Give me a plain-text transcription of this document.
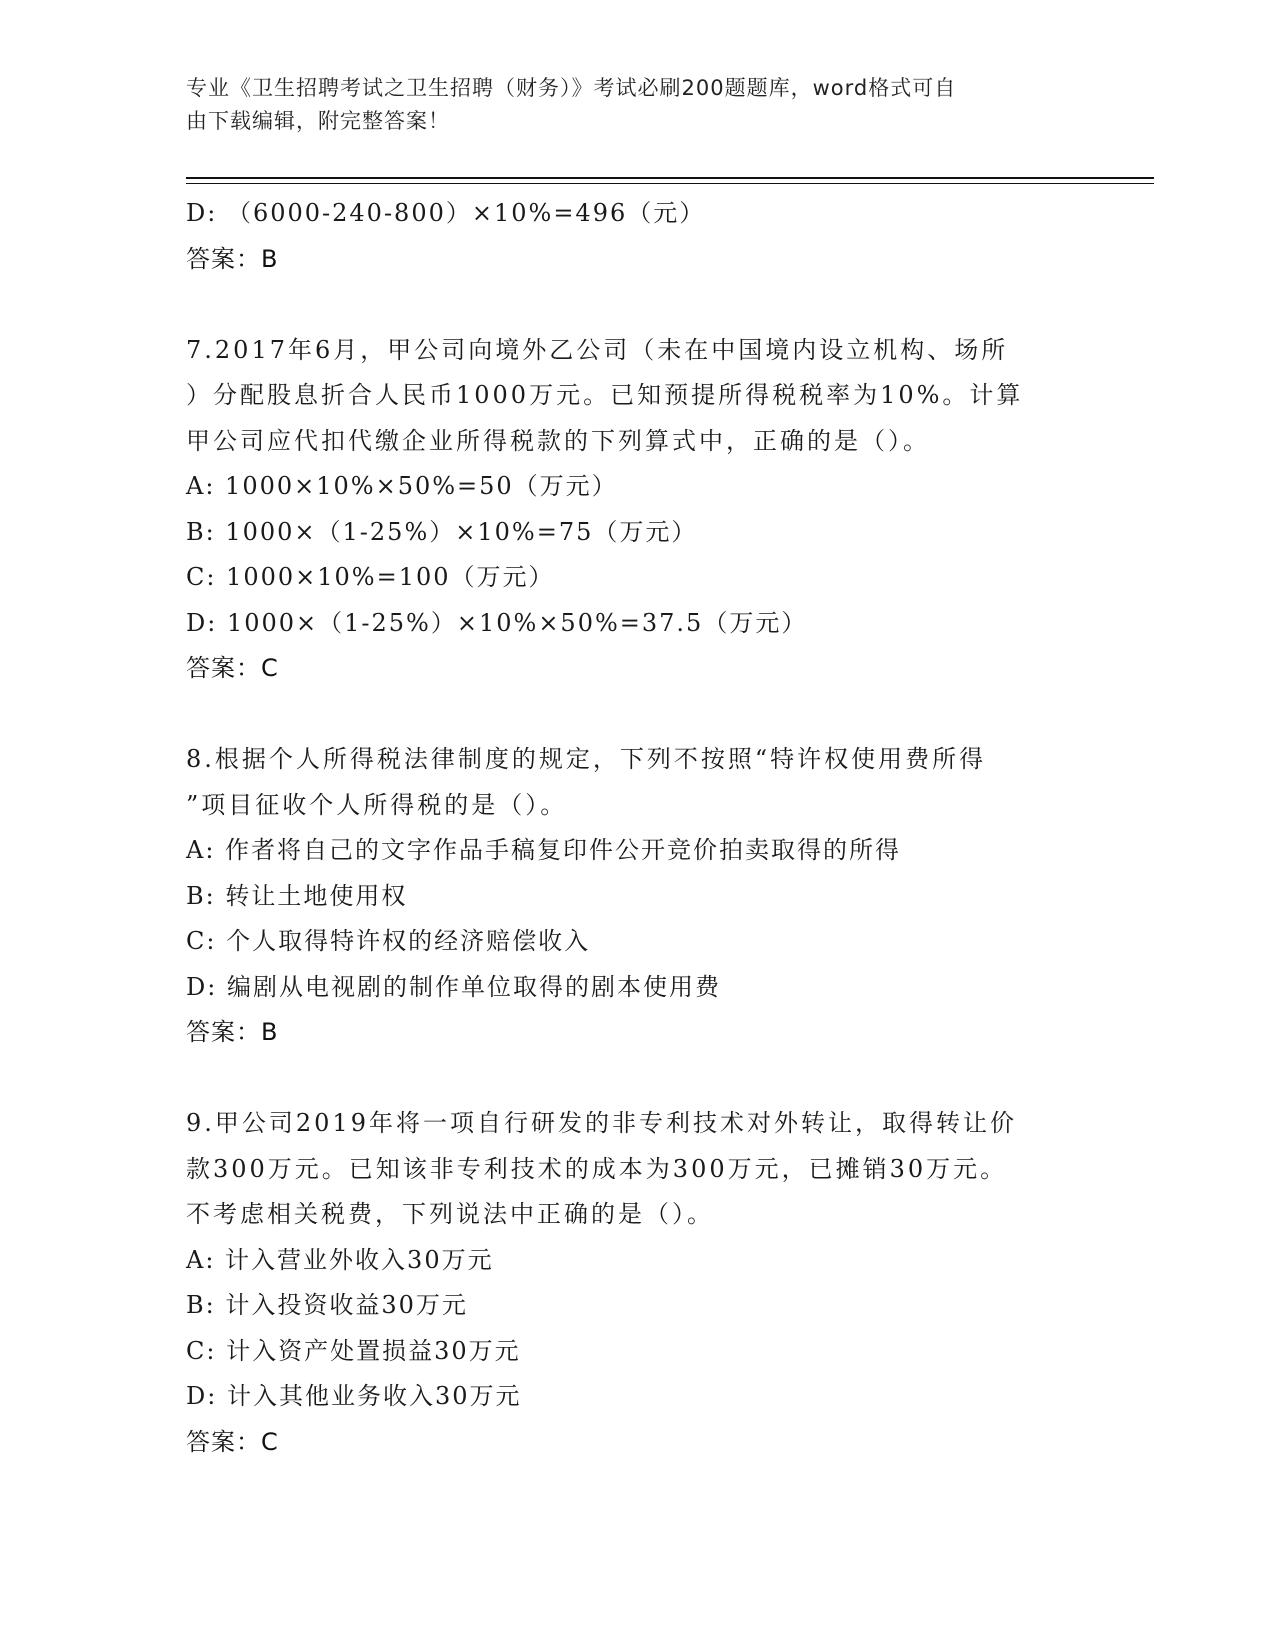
专业《卫生招聘考试之卫生招聘（财务）》考试必刷200题题库，word格式可自
由下载编辑，附完整答案！
D: （6000-240-800）×10%=496（元）
答案：B
7.2017年6月，甲公司向境外乙公司（未在中国境内设立机构、场所
）分配股息折合人民币1000万元。已知预提所得税税率为10%。计算
甲公司应代扣代缴企业所得税款的下列算式中，正确的是（）。
A: 1000×10%×50%=50（万元）
B: 1000×（1-25%）×10%=75（万元）
C: 1000×10%=100（万元）
D: 1000×（1-25%）×10%×50%=37.5（万元）
答案：C
8.根据个人所得税法律制度的规定，下列不按照“特许权使用费所得
”项目征收个人所得税的是（）。
A: 作者将自己的文字作品手稿复印件公开竞价拍卖取得的所得
B: 转让土地使用权
C: 个人取得特许权的经济赔偿收入
D: 编剧从电视剧的制作单位取得的剧本使用费
答案：B
9.甲公司2019年将一项自行研发的非专利技术对外转让，取得转让价
款300万元。已知该非专利技术的成本为300万元，已摊销30万元。
不考虑相关税费，下列说法中正确的是（）。
A: 计入营业外收入30万元
B: 计入投资收益30万元
C: 计入资产处置损益30万元
D: 计入其他业务收入30万元
答案：C
